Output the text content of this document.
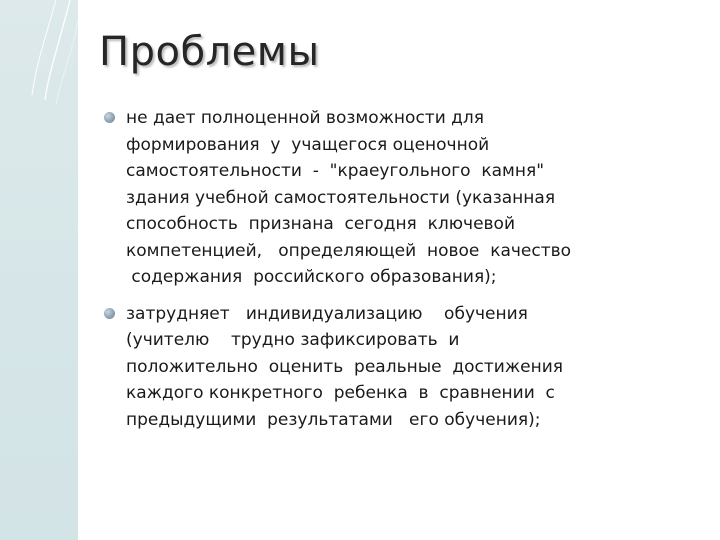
Проблемы
не дает полноценной возможности для
формирования  у  учащегося оценочной
самостоятельности  -  "краеугольного  камня"
здания учебной самостоятельности (указанная
способность  признана  сегодня  ключевой
компетенцией,   определяющей  новое  качество
содержания  российского образования);
затрудняет   индивидуализацию    обучения
(учителю    трудно зафиксировать  и
положительно  оценить  реальные  достижения
каждого конкретного  ребенка  в  сравнении  с
предыдущими  результатами   его обучения);
